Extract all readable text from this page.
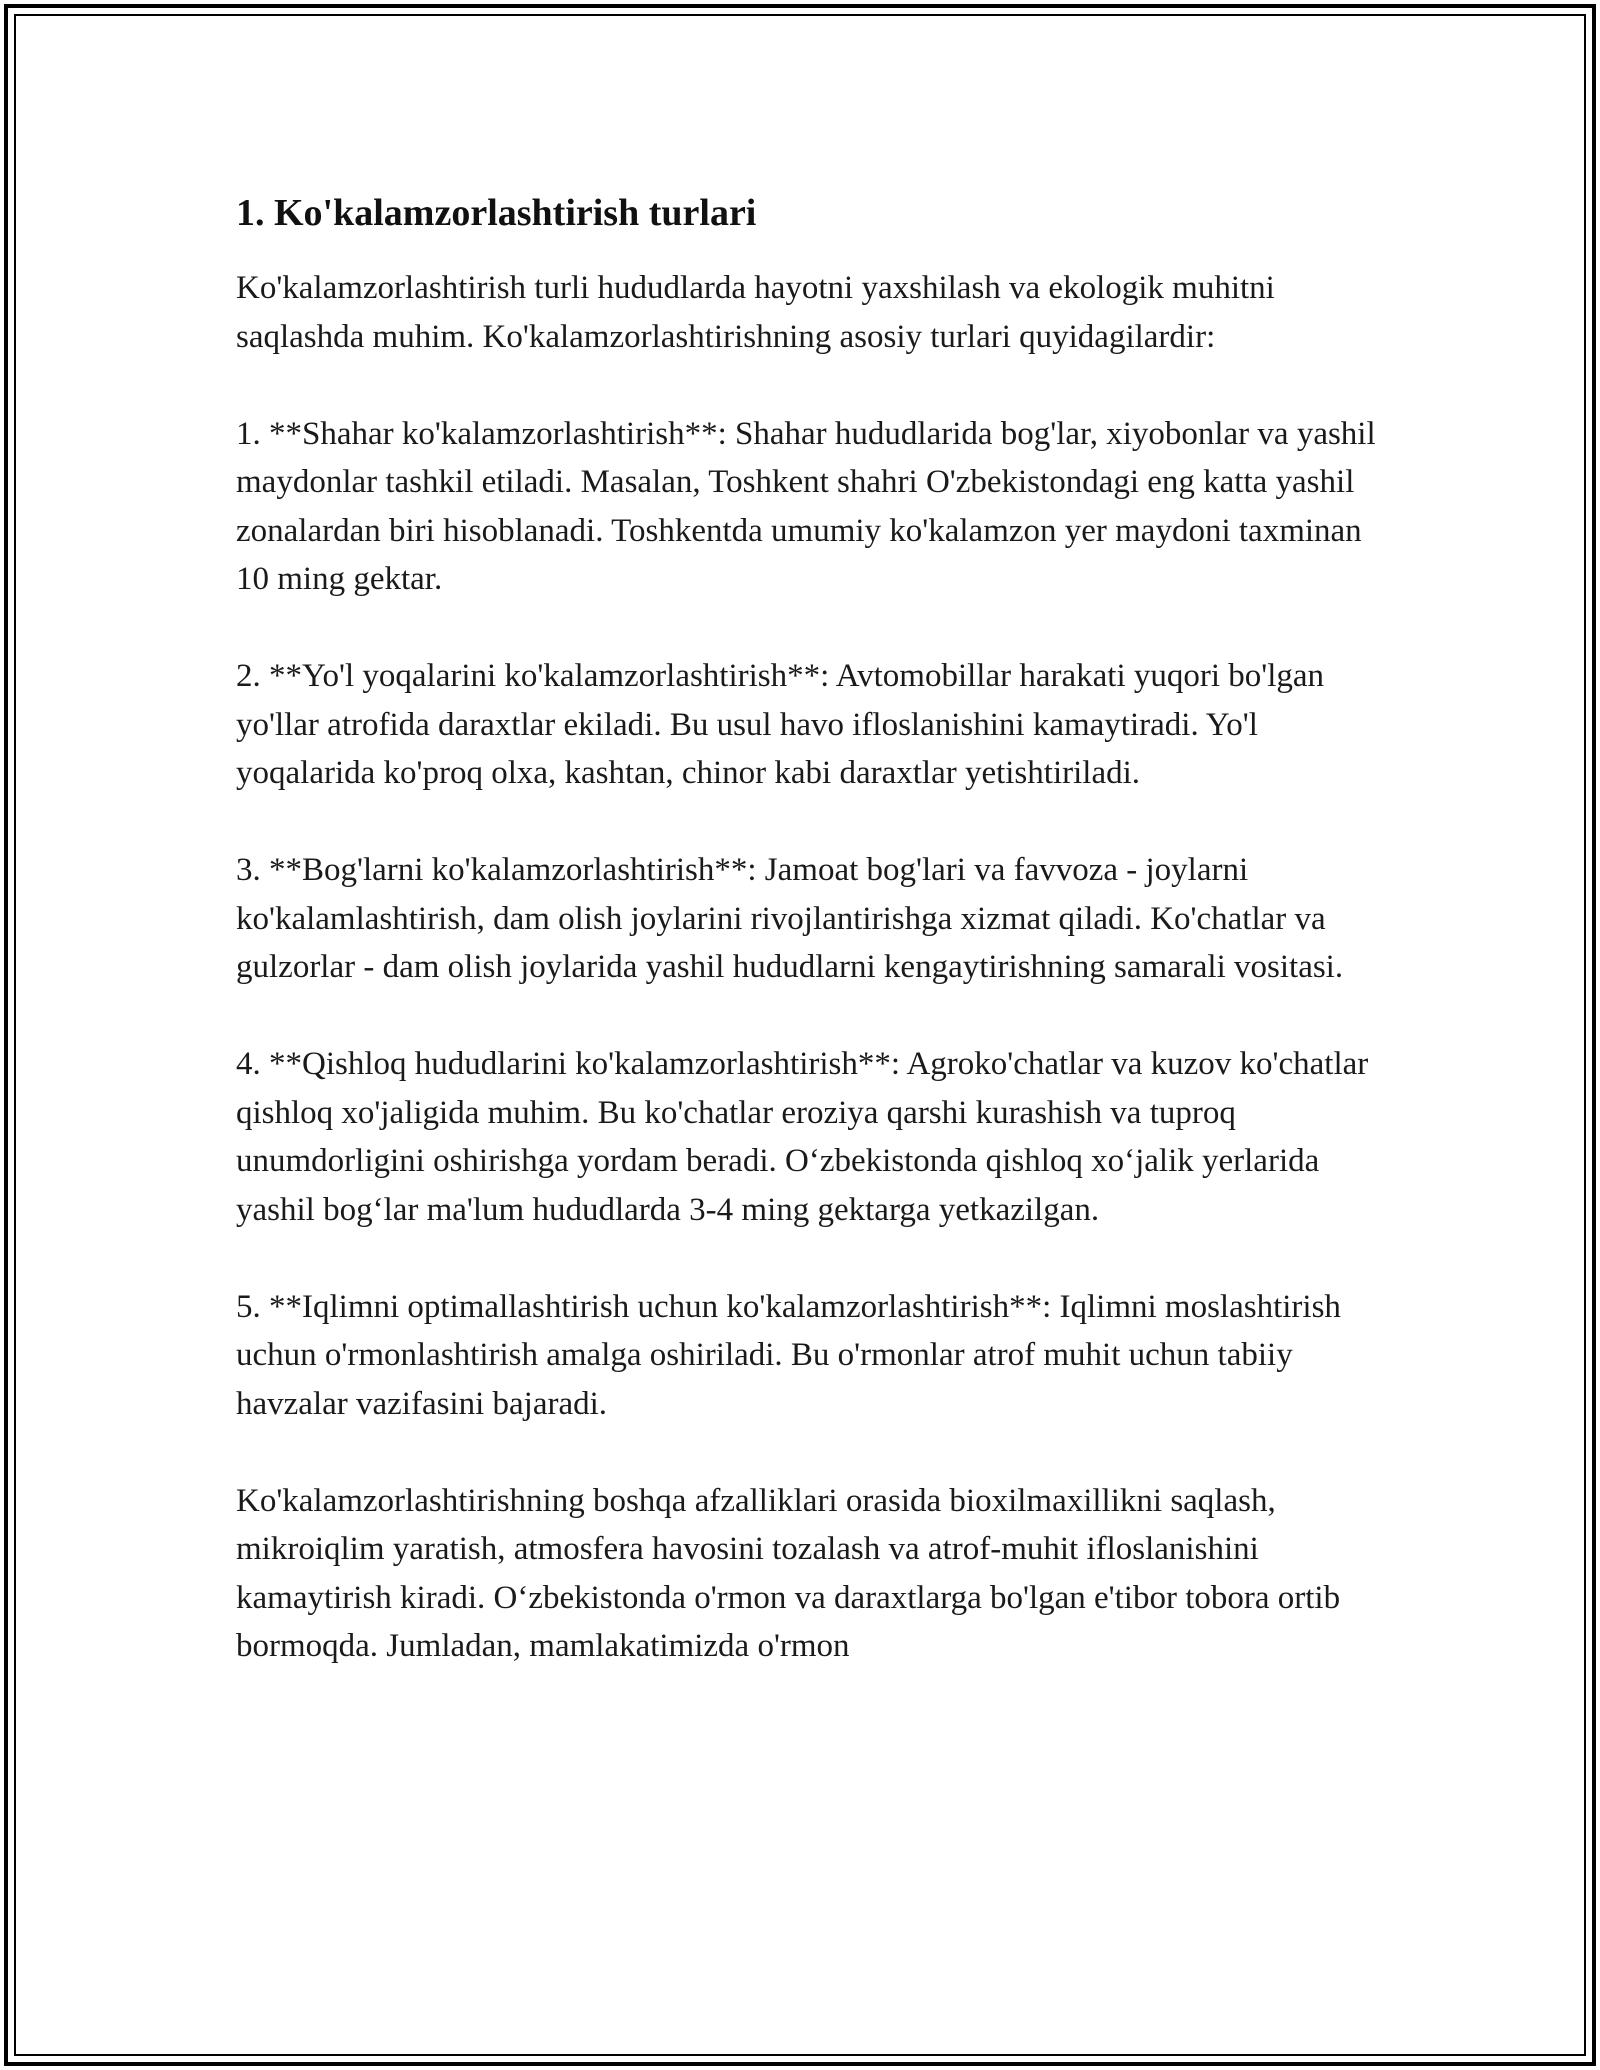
1. Ko'kalamzorlashtirish turlari

Ko'kalamzorlashtirish turli hududlarda hayotni yaxshilash va ekologik muhitni saqlashda muhim. Ko'kalamzorlashtirishning asosiy turlari quyidagilardir:

1. **Shahar ko'kalamzorlashtirish**: Shahar hududlarida bog'lar, xiyobonlar va yashil maydonlar tashkil etiladi. Masalan, Toshkent shahri O'zbekistondagi eng katta yashil zonalardan biri hisoblanadi. Toshkentda umumiy ko'kalamzon yer maydoni taxminan 10 ming gektar.

2. **Yo'l yoqalarini ko'kalamzorlashtirish**: Avtomobillar harakati yuqori bo'lgan yo'llar atrofida daraxtlar ekiladi. Bu usul havo ifloslanishini kamaytiradi. Yo'l yoqalarida ko'proq olxa, kashtan, chinor kabi daraxtlar yetishtiriladi.

3. **Bog'larni ko'kalamzorlashtirish**: Jamoat bog'lari va favvoza - joylarni ko'kalamlashtirish, dam olish joylarini rivojlantirishga xizmat qiladi. Ko'chatlar va gulzorlar - dam olish joylarida yashil hududlarni kengaytirishning samarali vositasi.

4. **Qishloq hududlarini ko'kalamzorlashtirish**: Agroko'chatlar va kuzov ko'chatlar qishloq xo'jaligida muhim. Bu ko'chatlar eroziya qarshi kurashish va tuproq unumdorligini oshirishga yordam beradi. O‘zbekistonda qishloq xo‘jalik yerlarida yashil bog‘lar ma'lum hududlarda 3-4 ming gektarga yetkazilgan.

5. **Iqlimni optimallashtirish uchun ko'kalamzorlashtirish**: Iqlimni moslashtirish uchun o'rmonlashtirish amalga oshiriladi. Bu o'rmonlar atrof muhit uchun tabiiy havzalar vazifasini bajaradi.

Ko'kalamzorlashtirishning boshqa afzalliklari orasida bioxilmaxillikni saqlash, mikroiqlim yaratish, atmosfera havosini tozalash va atrof-muhit ifloslanishini kamaytirish kiradi. O‘zbekistonda o'rmon va daraxtlarga bo'lgan e'tibor tobora ortib bormoqda. Jumladan, mamlakatimizda o'rmon
